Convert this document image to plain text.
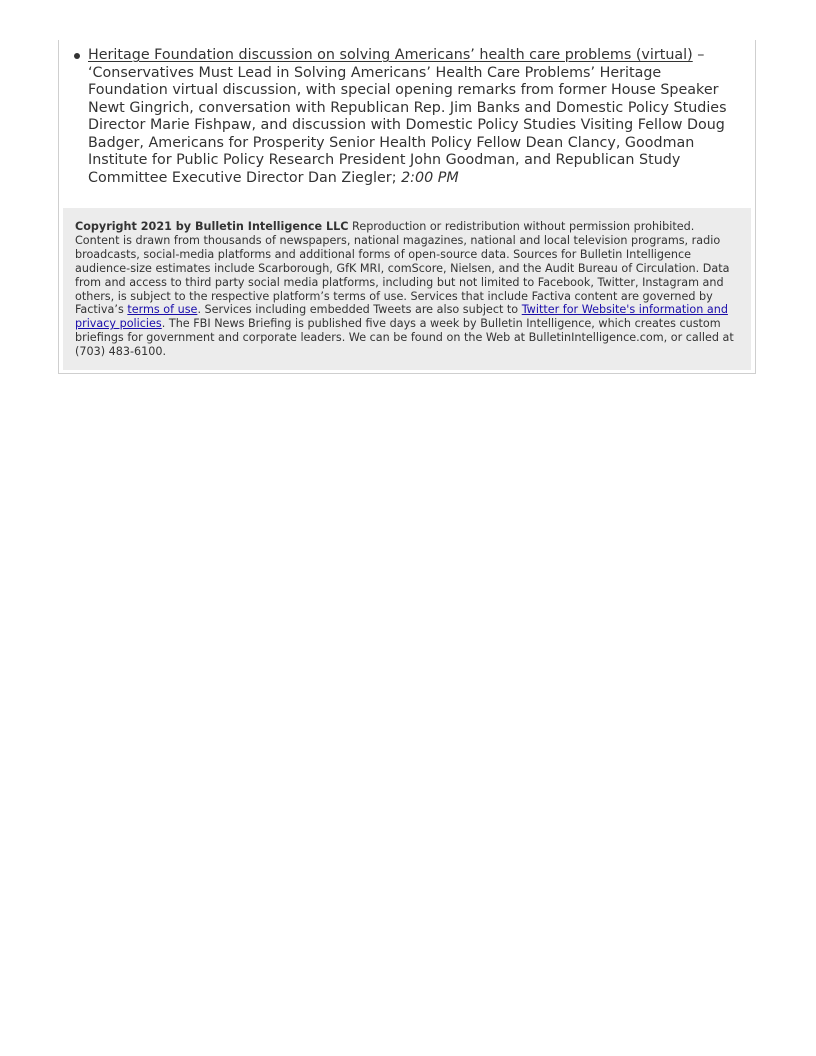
Heritage Foundation discussion on solving Americans’ health care problems (virtual) – ‘Conservatives Must Lead in Solving Americans’ Health Care Problems’ Heritage Foundation virtual discussion, with special opening remarks from former House Speaker Newt Gingrich, conversation with Republican Rep. Jim Banks and Domestic Policy Studies Director Marie Fishpaw, and discussion with Domestic Policy Studies Visiting Fellow Doug Badger, Americans for Prosperity Senior Health Policy Fellow Dean Clancy, Goodman Institute for Public Policy Research President John Goodman, and Republican Study Committee Executive Director Dan Ziegler; 2:00 PM
Copyright 2021 by Bulletin Intelligence LLC Reproduction or redistribution without permission prohibited. Content is drawn from thousands of newspapers, national magazines, national and local television programs, radio broadcasts, social-media platforms and additional forms of open-source data. Sources for Bulletin Intelligence audience-size estimates include Scarborough, GfK MRI, comScore, Nielsen, and the Audit Bureau of Circulation. Data from and access to third party social media platforms, including but not limited to Facebook, Twitter, Instagram and others, is subject to the respective platform’s terms of use. Services that include Factiva content are governed by Factiva’s terms of use. Services including embedded Tweets are also subject to Twitter for Website's information and privacy policies. The FBI News Briefing is published five days a week by Bulletin Intelligence, which creates custom briefings for government and corporate leaders. We can be found on the Web at BulletinIntelligence.com, or called at (703) 483-6100.
